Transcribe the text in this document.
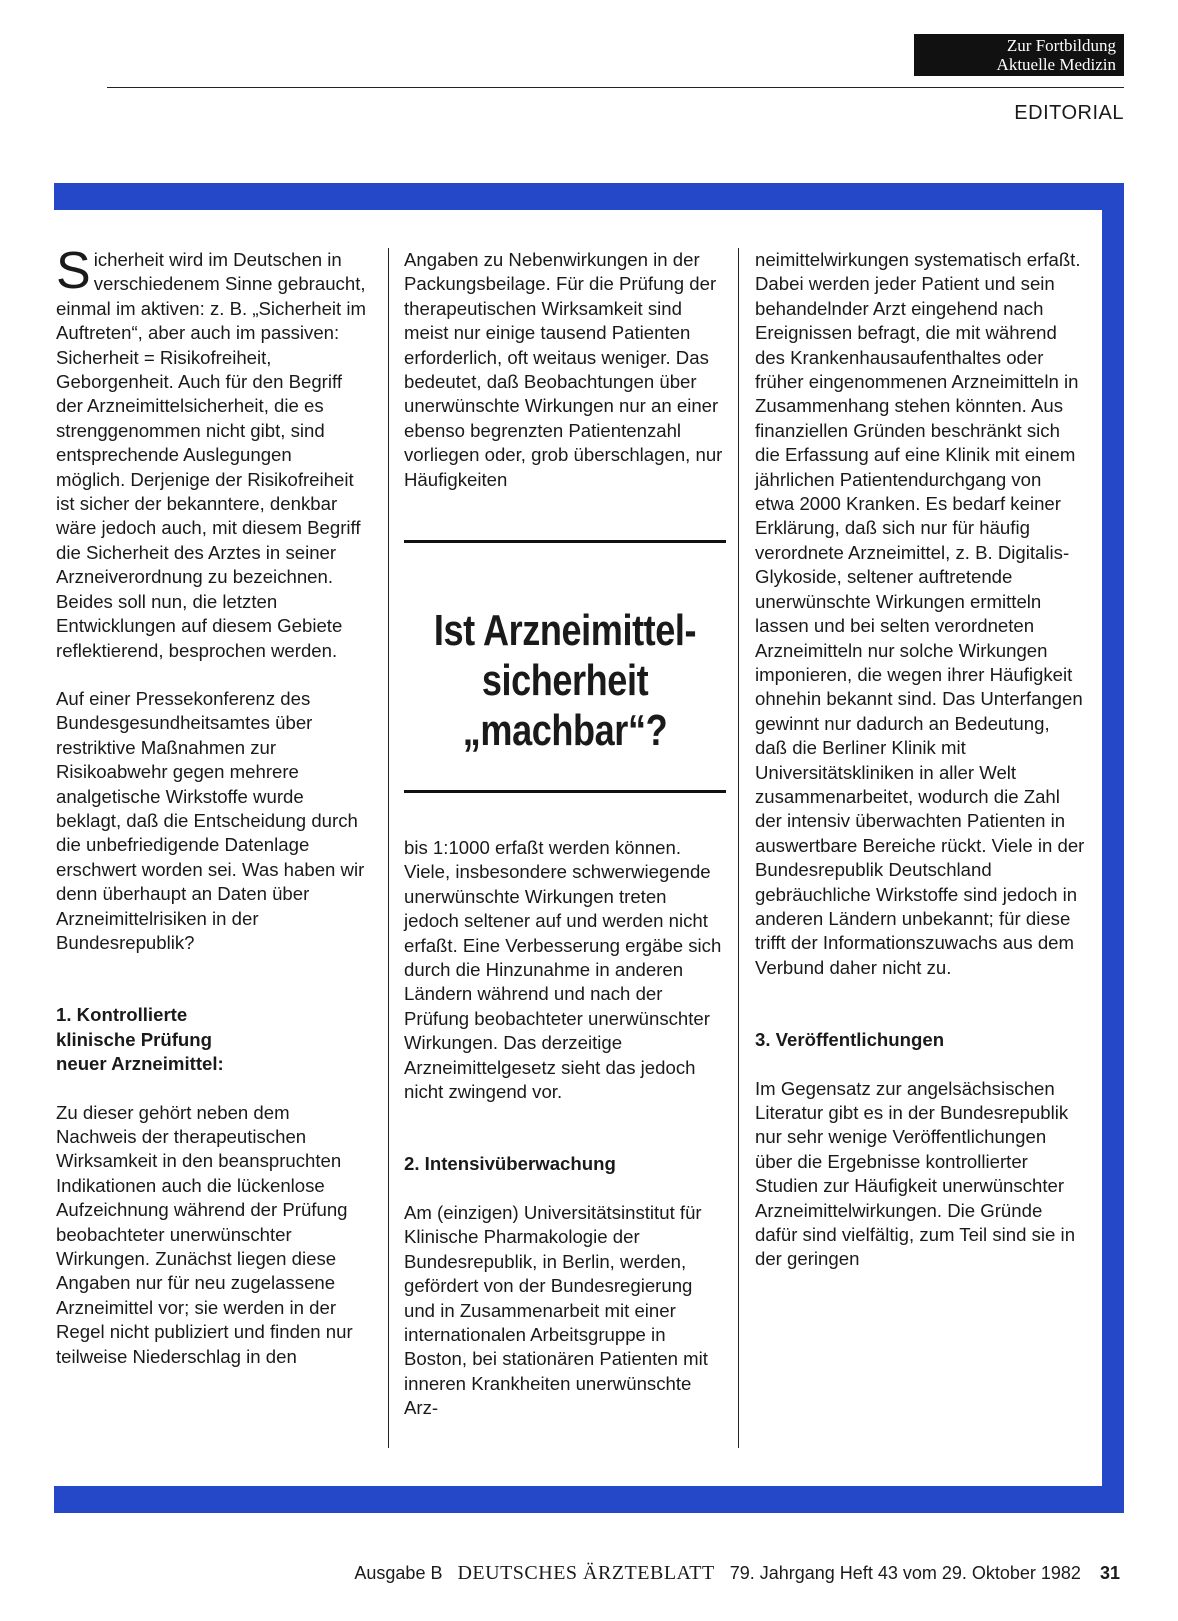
Zur Fortbildung
Aktuelle Medizin
EDITORIAL

Sicherheit wird im Deutschen in verschiedenem Sinne gebraucht, einmal im aktiven: z. B. „Sicherheit im Auftreten“, aber auch im passiven: Sicherheit = Risikofreiheit, Geborgenheit. Auch für den Begriff der Arzneimittelsicherheit, die es strenggenommen nicht gibt, sind entsprechende Auslegungen möglich. Derjenige der Risikofreiheit ist sicher der bekanntere, denkbar wäre jedoch auch, mit diesem Begriff die Sicherheit des Arztes in seiner Arzneiverordnung zu bezeichnen. Beides soll nun, die letzten Entwicklungen auf diesem Gebiete reflektierend, besprochen werden.

Auf einer Pressekonferenz des Bundesgesundheitsamtes über restriktive Maßnahmen zur Risikoabwehr gegen mehrere analgetische Wirkstoffe wurde beklagt, daß die Entscheidung durch die unbefriedigende Datenlage erschwert worden sei. Was haben wir denn überhaupt an Daten über Arzneimittelrisiken in der Bundesrepublik?

1. Kontrollierte klinische Prüfung neuer Arzneimittel:

Zu dieser gehört neben dem Nachweis der therapeutischen Wirksamkeit in den beanspruchten Indikationen auch die lückenlose Aufzeichnung während der Prüfung beobachteter unerwünschter Wirkungen. Zunächst liegen diese Angaben nur für neu zugelassene Arzneimittel vor; sie werden in der Regel nicht publiziert und finden nur teilweise Niederschlag in den

Angaben zu Nebenwirkungen in der Packungsbeilage. Für die Prüfung der therapeutischen Wirksamkeit sind meist nur einige tausend Patienten erforderlich, oft weitaus weniger. Das bedeutet, daß Beobachtungen über unerwünschte Wirkungen nur an einer ebenso begrenzten Patientenzahl vorliegen oder, grob überschlagen, nur Häufigkeiten

Ist Arzneimittel-
sicherheit
„machbar“?

bis 1:1000 erfaßt werden können. Viele, insbesondere schwerwiegende unerwünschte Wirkungen treten jedoch seltener auf und werden nicht erfaßt. Eine Verbesserung ergäbe sich durch die Hinzunahme in anderen Ländern während und nach der Prüfung beobachteter unerwünschter Wirkungen. Das derzeitige Arzneimittelgesetz sieht das jedoch nicht zwingend vor.

2. Intensivüberwachung

Am (einzigen) Universitätsinstitut für Klinische Pharmakologie der Bundesrepublik, in Berlin, werden, gefördert von der Bundesregierung und in Zusammenarbeit mit einer internationalen Arbeitsgruppe in Boston, bei stationären Patienten mit inneren Krankheiten unerwünschte Arz-

neimittelwirkungen systematisch erfaßt. Dabei werden jeder Patient und sein behandelnder Arzt eingehend nach Ereignissen befragt, die mit während des Krankenhausaufenthaltes oder früher eingenommenen Arzneimitteln in Zusammenhang stehen könnten. Aus finanziellen Gründen beschränkt sich die Erfassung auf eine Klinik mit einem jährlichen Patientendurchgang von etwa 2000 Kranken. Es bedarf keiner Erklärung, daß sich nur für häufig verordnete Arzneimittel, z. B. Digitalis-Glykoside, seltener auftretende unerwünschte Wirkungen ermitteln lassen und bei selten verordneten Arzneimitteln nur solche Wirkungen imponieren, die wegen ihrer Häufigkeit ohnehin bekannt sind. Das Unterfangen gewinnt nur dadurch an Bedeutung, daß die Berliner Klinik mit Universitätskliniken in aller Welt zusammenarbeitet, wodurch die Zahl der intensiv überwachten Patienten in auswertbare Bereiche rückt. Viele in der Bundesrepublik Deutschland gebräuchliche Wirkstoffe sind jedoch in anderen Ländern unbekannt; für diese trifft der Informationszuwachs aus dem Verbund daher nicht zu.

3. Veröffentlichungen

Im Gegensatz zur angelsächsischen Literatur gibt es in der Bundesrepublik nur sehr wenige Veröffentlichungen über die Ergebnisse kontrollierter Studien zur Häufigkeit unerwünschter Arzneimittelwirkungen. Die Gründe dafür sind vielfältig, zum Teil sind sie in der geringen

Ausgabe B DEUTSCHES ÄRZTEBLATT 79. Jahrgang Heft 43 vom 29. Oktober 1982 31
